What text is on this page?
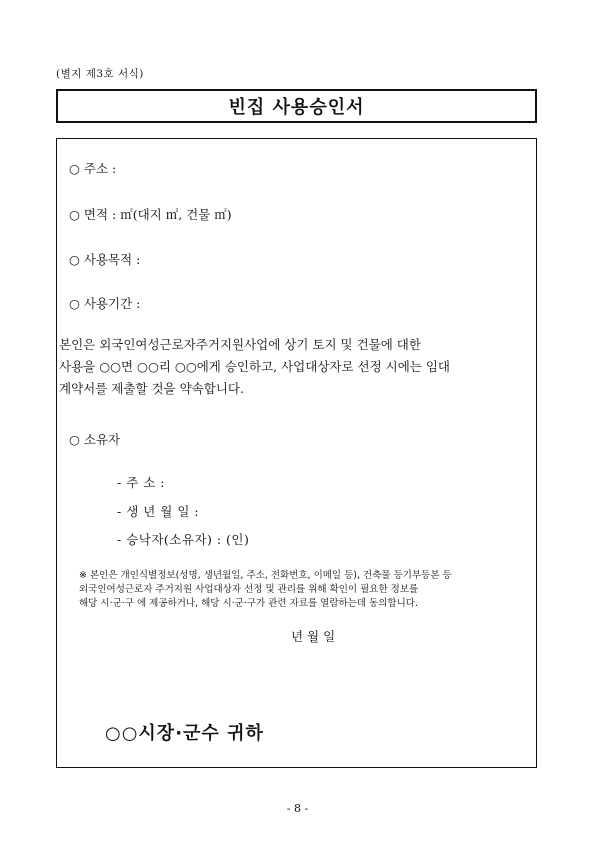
(별지 제3호 서식)
빈집 사용승인서
○ 주소 :
○ 면적 : ㎡(대지 ㎡, 건물 ㎡)
○ 사용목적 :
○ 사용기간 :

본인은 외국인여성근로자주거지원사업에 상기 토지 및 건물에 대한

사용을 ○○면 ○○리 ○○에게 승인하고, 사업대상자로 선정 시에는 임대

계약서를 제출할 것을 약속합니다.

○ 소유자
- 주 소 :
- 생 년 월 일 :
- 승낙자(소유자) : (인)

※ 본인은 개인식별정보(성명, 생년월일, 주소, 전화번호, 이메일 등), 건축물 등기부등본 등

외국인여성근로자 주거지원 사업대상자 선정 및 관리를 위해 확인이 필요한 정보를

해당 시·군·구 에 제공하거나, 해당 시·군·구가 관련 자료를 열람하는데 동의합니다.

년 월 일
○○시장·군수 귀하
- 8 -
